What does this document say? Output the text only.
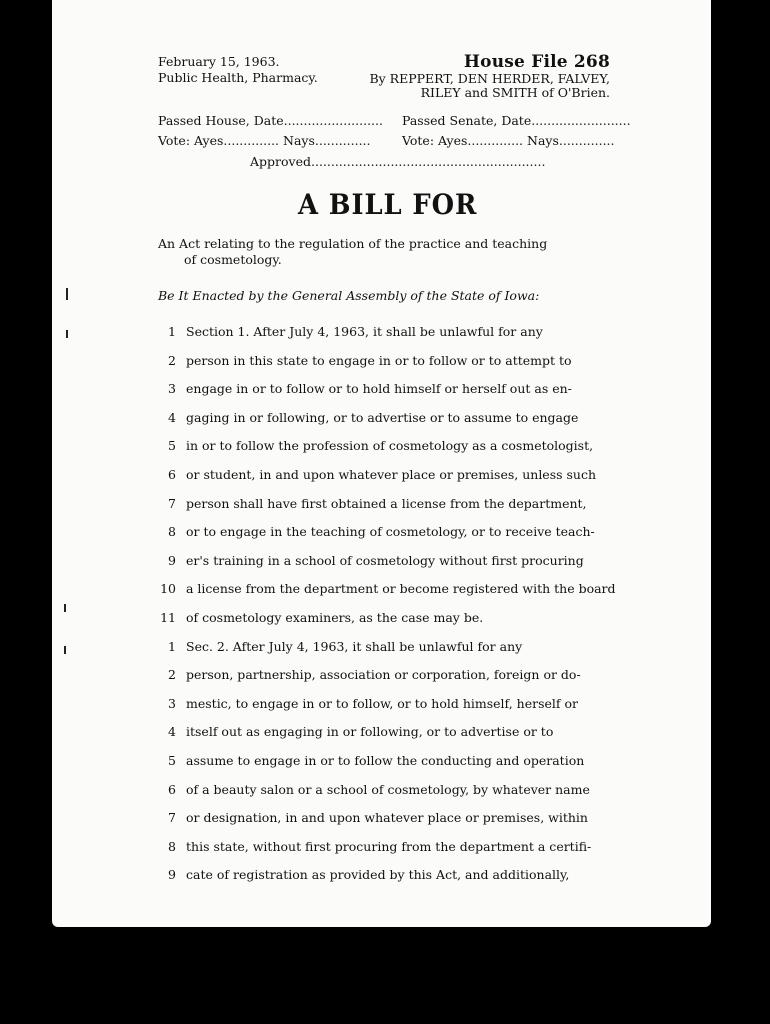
February 15, 1963.
Public Health, Pharmacy.
House File 268
By REPPERT, DEN HERDER, FALVEY,
RILEY and SMITH of O'Brien.
Passed House, Date......................... Passed Senate, Date.........................
Vote: Ayes.............. Nays..............	Vote: Ayes.............. Nays..............
Approved...........................................................
A BILL FOR
An Act relating to the regulation of the practice and teaching
of cosmetology.
Be It Enacted by the General Assembly of the State of Iowa:
1 Section 1. After July 4, 1963, it shall be unlawful for any
2 person in this state to engage in or to follow or to attempt to
3 engage in or to follow or to hold himself or herself out as en-
4 gaging in or following, or to advertise or to assume to engage
5 in or to follow the profession of cosmetology as a cosmetologist,
6 or student, in and upon whatever place or premises, unless such
7 person shall have first obtained a license from the department,
8 or to engage in the teaching of cosmetology, or to receive teach-
9 er's training in a school of cosmetology without first procuring
10 a license from the department or become registered with the board
11 of cosmetology examiners, as the case may be.
1 Sec. 2. After July 4, 1963, it shall be unlawful for any
2 person, partnership, association or corporation, foreign or do-
3 mestic, to engage in or to follow, or to hold himself, herself or
4 itself out as engaging in or following, or to advertise or to
5 assume to engage in or to follow the conducting and operation
6 of a beauty salon or a school of cosmetology, by whatever name
7 or designation, in and upon whatever place or premises, within
8 this state, without first procuring from the department a certifi-
9 cate of registration as provided by this Act, and additionally,
